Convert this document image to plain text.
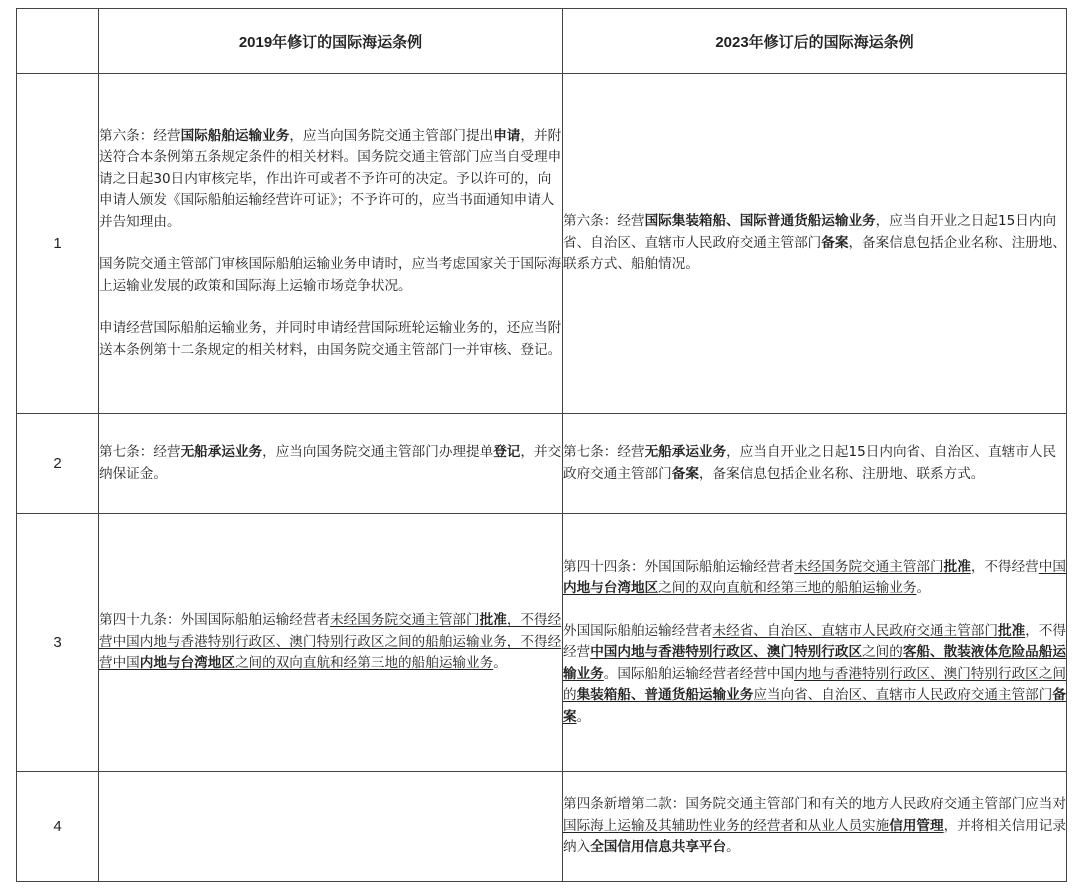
	2019年修订的国际海运条例	2023年修订后的国际海运条例
1	第六条：经营国际船舶运输业务，应当向国务院交通主管部门提出申请，并附送符合本条例第五条规定条件的相关材料。国务院交通主管部门应当自受理申请之日起30日内审核完毕，作出许可或者不予许可的决定。予以许可的，向申请人颁发《国际船舶运输经营许可证》；不予许可的，应当书面通知申请人并告知理由。

国务院交通主管部门审核国际船舶运输业务申请时，应当考虑国家关于国际海上运输业发展的政策和国际海上运输市场竞争状况。

申请经营国际船舶运输业务，并同时申请经营国际班轮运输业务的，还应当附送本条例第十二条规定的相关材料，由国务院交通主管部门一并审核、登记。	第六条：经营国际集装箱船、国际普通货船运输业务，应当自开业之日起15日内向省、自治区、直辖市人民政府交通主管部门备案，备案信息包括企业名称、注册地、联系方式、船舶情况。

2	第七条：经营无船承运业务，应当向国务院交通主管部门办理提单登记，并交纳保证金。	第七条：经营无船承运业务，应当自开业之日起15日内向省、自治区、直辖市人民政府交通主管部门备案，备案信息包括企业名称、注册地、联系方式。

3	第四十九条：外国国际船舶运输经营者未经国务院交通主管部门批准，不得经营中国内地与香港特别行政区、澳门特别行政区之间的船舶运输业务，不得经营中国内地与台湾地区之间的双向直航和经第三地的船舶运输业务。	第四十四条：外国国际船舶运输经营者未经国务院交通主管部门批准，不得经营中国内地与台湾地区之间的双向直航和经第三地的船舶运输业务。

外国国际船舶运输经营者未经省、自治区、直辖市人民政府交通主管部门批准，不得经营中国内地与香港特别行政区、澳门特别行政区之间的客船、散装液体危险品船运输业务。国际船舶运输经营者经营中国内地与香港特别行政区、澳门特别行政区之间的集装箱船、普通货船运输业务应当向省、自治区、直辖市人民政府交通主管部门备案。

4		第四条新增第二款：国务院交通主管部门和有关的地方人民政府交通主管部门应当对国际海上运输及其辅助性业务的经营者和从业人员实施信用管理，并将相关信用记录纳入全国信用信息共享平台。
